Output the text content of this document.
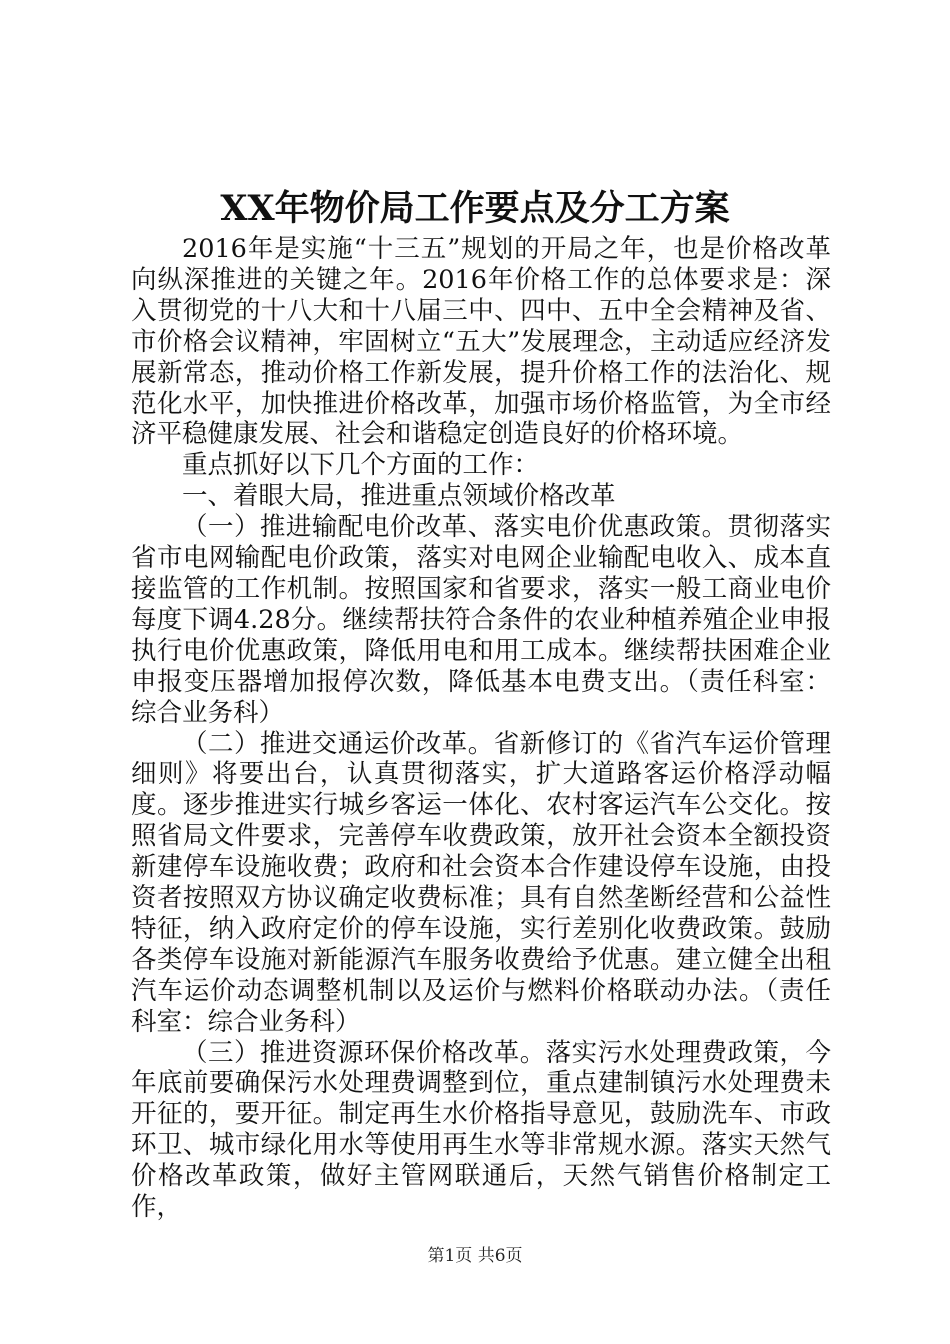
XX年物价局工作要点及分工方案

2016年是实施“十三五”规划的开局之年，也是价格改革向纵深推进的关键之年。2016年价格工作的总体要求是：深入贯彻党的十八大和十八届三中、四中、五中全会精神及省、市价格会议精神，牢固树立“五大”发展理念，主动适应经济发展新常态，推动价格工作新发展，提升价格工作的法治化、规范化水平，加快推进价格改革，加强市场价格监管，为全市经济平稳健康发展、社会和谐稳定创造良好的价格环境。

重点抓好以下几个方面的工作：

一、着眼大局，推进重点领域价格改革

（一）推进输配电价改革、落实电价优惠政策。贯彻落实省市电网输配电价政策，落实对电网企业输配电收入、成本直接监管的工作机制。按照国家和省要求，落实一般工商业电价每度下调4.28分。继续帮扶符合条件的农业种植养殖企业申报执行电价优惠政策，降低用电和用工成本。继续帮扶困难企业申报变压器增加报停次数，降低基本电费支出。（责任科室：综合业务科）

（二）推进交通运价改革。省新修订的《省汽车运价管理细则》将要出台，认真贯彻落实，扩大道路客运价格浮动幅度。逐步推进实行城乡客运一体化、农村客运汽车公交化。按照省局文件要求，完善停车收费政策，放开社会资本全额投资新建停车设施收费；政府和社会资本合作建设停车设施，由投资者按照双方协议确定收费标准；具有自然垄断经营和公益性特征，纳入政府定价的停车设施，实行差别化收费政策。鼓励各类停车设施对新能源汽车服务收费给予优惠。建立健全出租汽车运价动态调整机制以及运价与燃料价格联动办法。（责任科室：综合业务科）

（三）推进资源环保价格改革。落实污水处理费政策，今年底前要确保污水处理费调整到位，重点建制镇污水处理费未开征的，要开征。制定再生水价格指导意见，鼓励洗车、市政环卫、城市绿化用水等使用再生水等非常规水源。落实天然气价格改革政策，做好主管网联通后，天然气销售价格制定工作，

第1页 共6页
